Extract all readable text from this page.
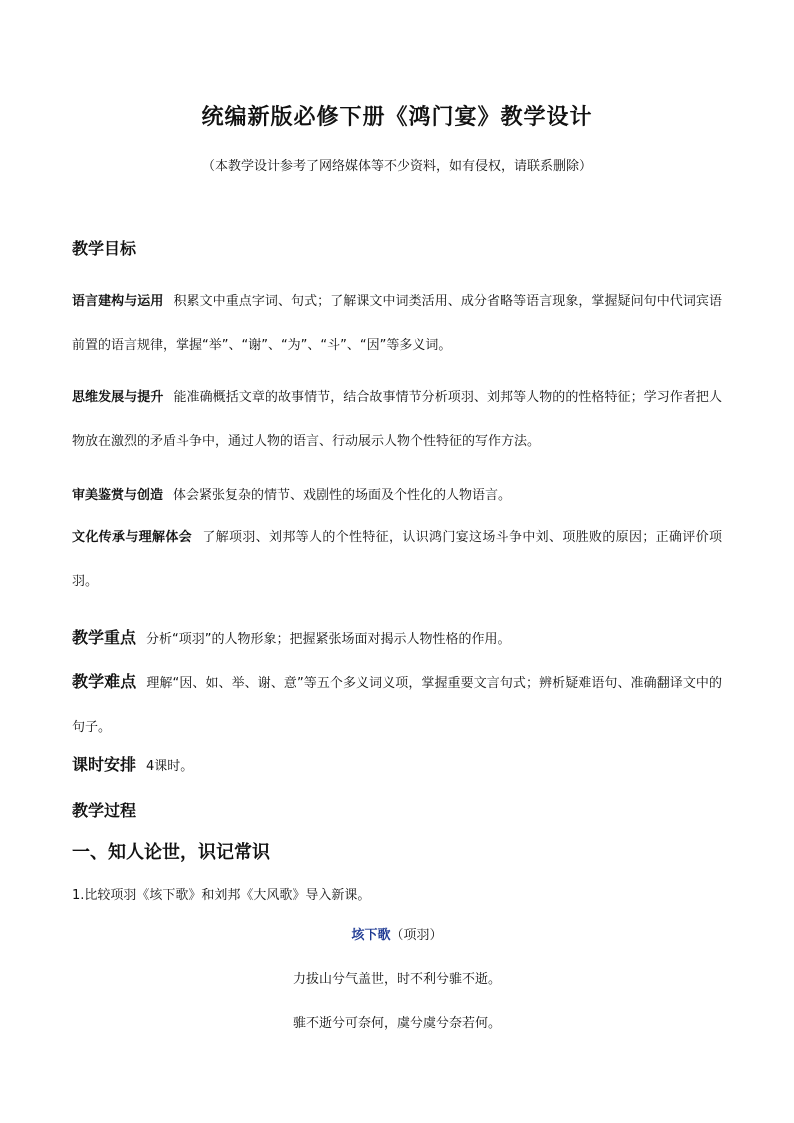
统编新版必修下册《鸿门宴》教学设计
（本教学设计参考了网络媒体等不少资料，如有侵权，请联系删除）
教学目标
语言建构与运用 积累文中重点字词、句式；了解课文中词类活用、成分省略等语言现象，掌握疑问句中代词宾语前置的语言规律，掌握“举”、“谢”、“为”、“斗”、“因”等多义词。
思维发展与提升 能准确概括文章的故事情节，结合故事情节分析项羽、刘邦等人物的的性格特征；学习作者把人物放在激烈的矛盾斗争中，通过人物的语言、行动展示人物个性特征的写作方法。
审美鉴赏与创造 体会紧张复杂的情节、戏剧性的场面及个性化的人物语言。
文化传承与理解体会 了解项羽、刘邦等人的个性特征，认识鸿门宴这场斗争中刘、项胜败的原因；正确评价项羽。
教学重点 分析“项羽”的人物形象；把握紧张场面对揭示人物性格的作用。
教学难点 理解“因、如、举、谢、意”等五个多义词义项，掌握重要文言句式；辨析疑难语句、准确翻译文中的句子。
课时安排 4课时。
教学过程
一、知人论世，识记常识
1.比较项羽《垓下歌》和刘邦《大风歌》导入新课。
垓下歌（项羽）
力拔山兮气盖世，时不利兮骓不逝。
骓不逝兮可奈何，虞兮虞兮奈若何。
